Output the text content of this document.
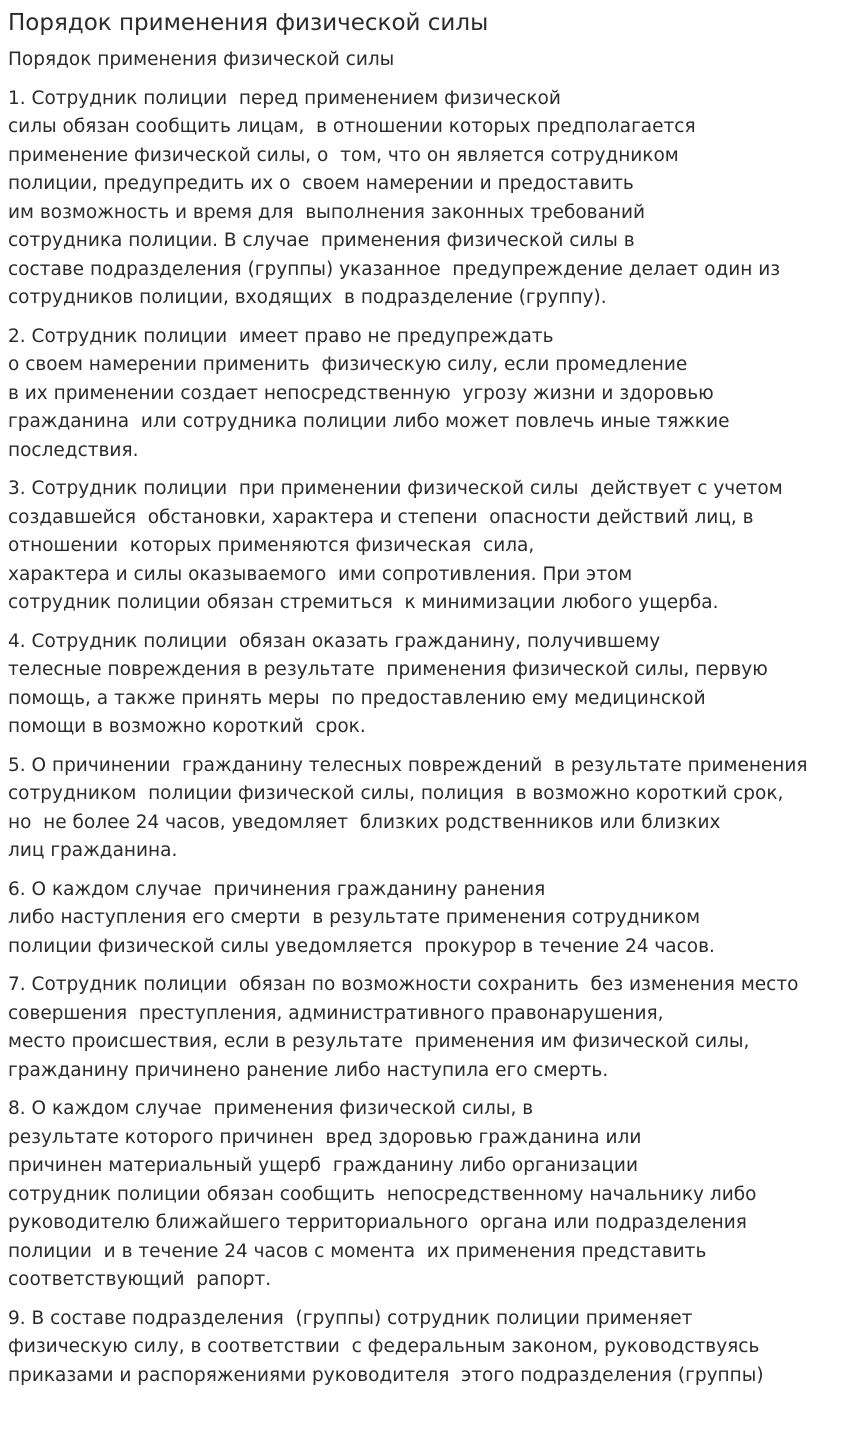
Порядок применения физической силы
Порядок применения физической силы
1. Сотрудник полиции  перед применением физической
силы обязан сообщить лицам,  в отношении которых предполагается
применение физической силы, о  том, что он является сотрудником
полиции, предупредить их о  своем намерении и предоставить
им возможность и время для  выполнения законных требований
сотрудника полиции. В случае  применения физической силы в
составе подразделения (группы) указанное  предупреждение делает один из
сотрудников полиции, входящих  в подразделение (группу).
2. Сотрудник полиции  имеет право не предупреждать
о своем намерении применить  физическую силу, если промедление
в их применении создает непосредственную  угрозу жизни и здоровью
гражданина  или сотрудника полиции либо может повлечь иные тяжкие
последствия.
3. Сотрудник полиции  при применении физической силы  действует с учетом
создавшейся  обстановки, характера и степени  опасности действий лиц, в
отношении  которых применяются физическая  сила,
характера и силы оказываемого  ими сопротивления. При этом
сотрудник полиции обязан стремиться  к минимизации любого ущерба.
4. Сотрудник полиции  обязан оказать гражданину, получившему
телесные повреждения в результате  применения физической силы, первую
помощь, а также принять меры  по предоставлению ему медицинской
помощи в возможно короткий  срок.
5. О причинении  гражданину телесных повреждений  в результате применения
сотрудником  полиции физической силы, полиция  в возможно короткий срок,
но  не более 24 часов, уведомляет  близких родственников или близких
лиц гражданина.
6. О каждом случае  причинения гражданину ранения
либо наступления его смерти  в результате применения сотрудником
полиции физической силы уведомляется  прокурор в течение 24 часов.
7. Сотрудник полиции  обязан по возможности сохранить  без изменения место
совершения  преступления, административного правонарушения,
место происшествия, если в результате  применения им физической силы,
гражданину причинено ранение либо наступила его смерть.
8. О каждом случае  применения физической силы, в
результате которого причинен  вред здоровью гражданина или
причинен материальный ущерб  гражданину либо организации
сотрудник полиции обязан сообщить  непосредственному начальнику либо
руководителю ближайшего территориального  органа или подразделения
полиции  и в течение 24 часов с момента  их применения представить
соответствующий  рапорт.
9. В составе подразделения  (группы) сотрудник полиции применяет
физическую силу, в соответствии  с федеральным законом, руководствуясь
приказами и распоряжениями руководителя  этого подразделения (группы)
